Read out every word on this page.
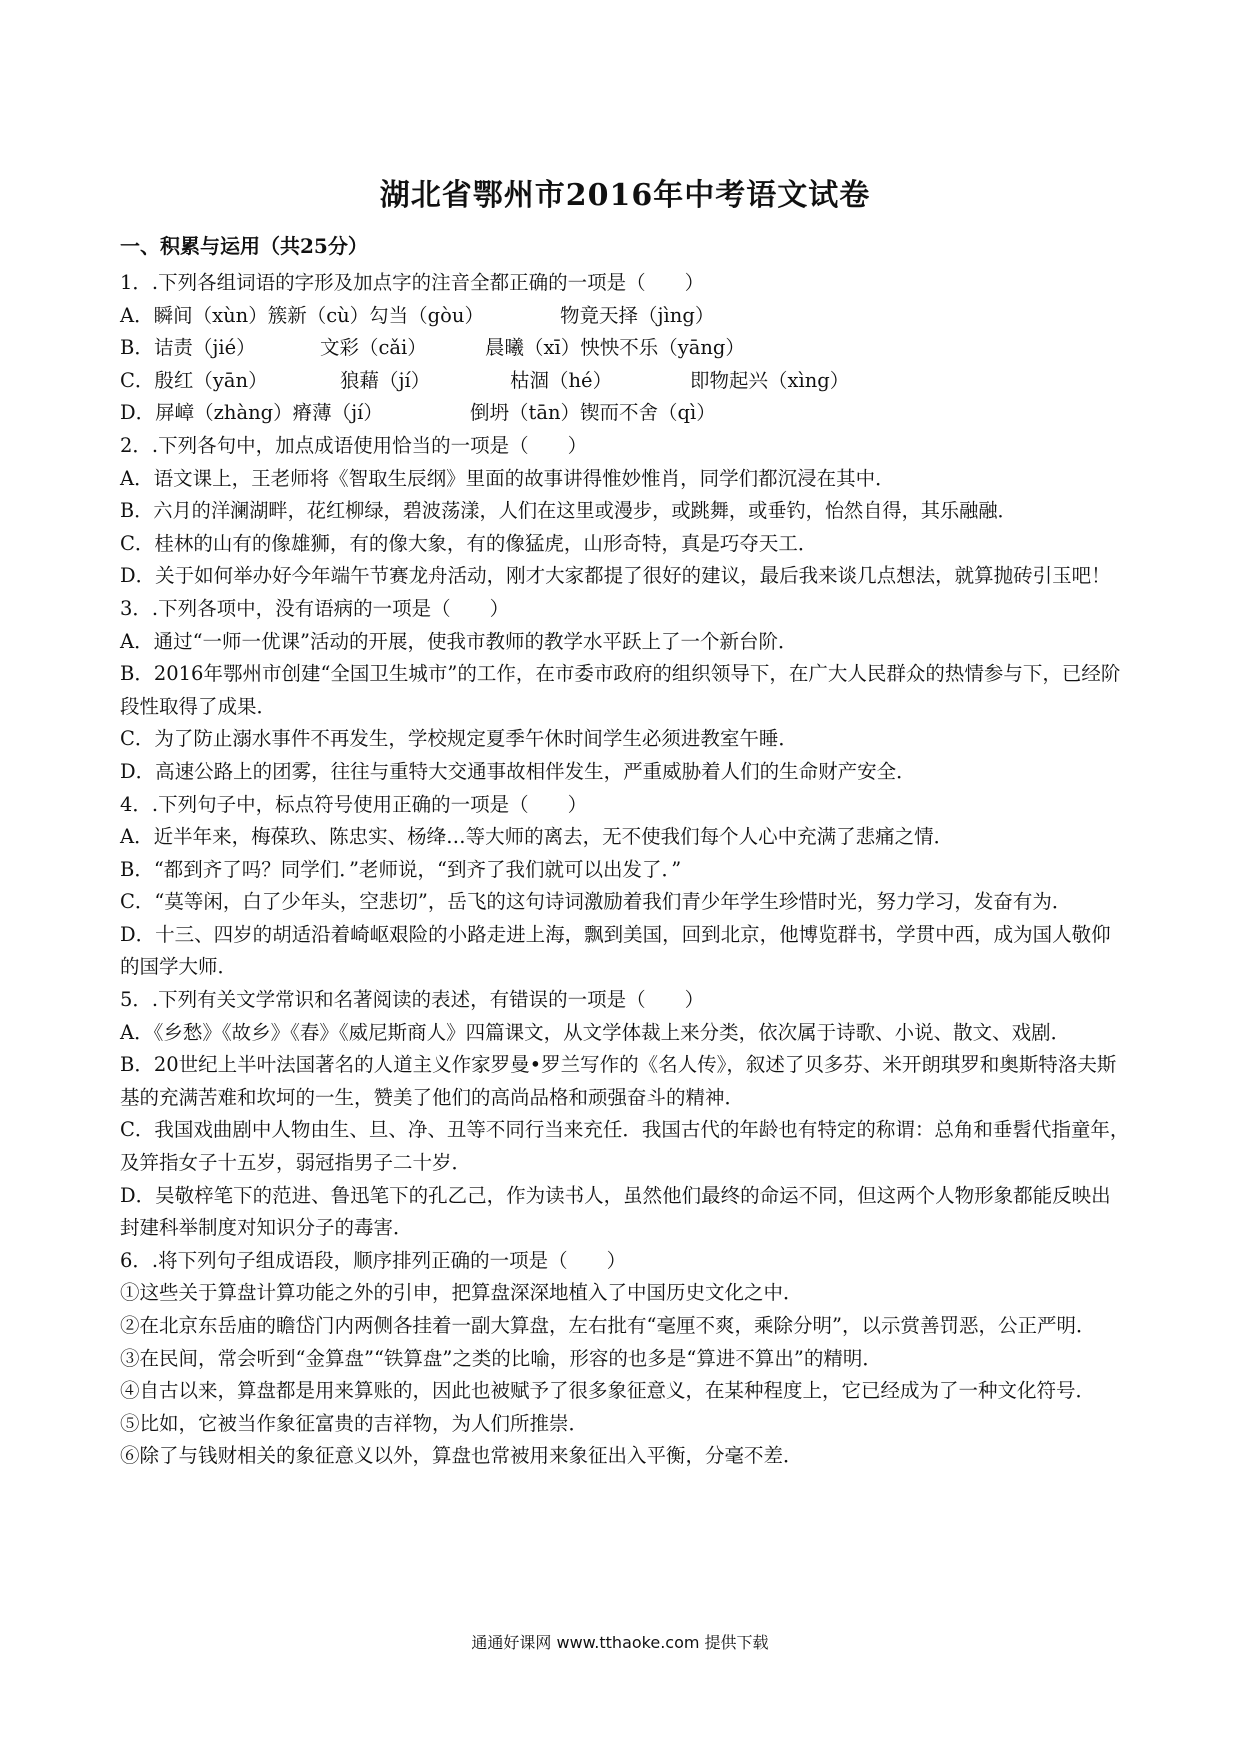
湖北省鄂州市2016年中考语文试卷
一、积累与运用（共25分）

1．.下列各组词语的字形及加点字的注音全都正确的一项是（　　）

A．瞬间（xùn）簇新（cù）勾当（gòu）	物竟天择（jìng）

B．诘责（jié）	文彩（cǎi）	晨曦（xī）怏怏不乐（yāng）

C．殷红（yān）	狼藉（jí）	枯涸（hé）	即物起兴（xìng）

D．屏嶂（zhàng）瘠薄（jí）	倒坍（tān）锲而不舍（qì）

2．.下列各句中，加点成语使用恰当的一项是（　　）

A．语文课上，王老师将《智取生辰纲》里面的故事讲得惟妙惟肖，同学们都沉浸在其中．

B．六月的洋澜湖畔，花红柳绿，碧波荡漾，人们在这里或漫步，或跳舞，或垂钓，怡然自得，其乐融融．

C．桂林的山有的像雄狮，有的像大象，有的像猛虎，山形奇特，真是巧夺天工．

D．关于如何举办好今年端午节赛龙舟活动，刚才大家都提了很好的建议，最后我来谈几点想法，就算抛砖引玉吧！

3．.下列各项中，没有语病的一项是（　　）

A．通过“一师一优课”活动的开展，使我市教师的教学水平跃上了一个新台阶．

B．2016年鄂州市创建“全国卫生城市”的工作，在市委市政府的组织领导下，在广大人民群众的热情参与下，已经阶段性取得了成果．

C．为了防止溺水事件不再发生，学校规定夏季午休时间学生必须进教室午睡．

D．高速公路上的团雾，往往与重特大交通事故相伴发生，严重威胁着人们的生命财产安全．

4．.下列句子中，标点符号使用正确的一项是（　　）

A．近半年来，梅葆玖、陈忠实、杨绛…等大师的离去，无不使我们每个人心中充满了悲痛之情．

B．“都到齐了吗？同学们．”老师说，“到齐了我们就可以出发了．”

C．“莫等闲，白了少年头，空悲切”，岳飞的这句诗词激励着我们青少年学生珍惜时光，努力学习，发奋有为．

D．十三、四岁的胡适沿着崎岖艰险的小路走进上海，飘到美国，回到北京，他博览群书，学贯中西，成为国人敬仰的国学大师．

5．.下列有关文学常识和名著阅读的表述，有错误的一项是（　　）

A．《乡愁》《故乡》《春》《威尼斯商人》四篇课文，从文学体裁上来分类，依次属于诗歌、小说、散文、戏剧．

B．20世纪上半叶法国著名的人道主义作家罗曼•罗兰写作的《名人传》，叙述了贝多芬、米开朗琪罗和奥斯特洛夫斯基的充满苦难和坎坷的一生，赞美了他们的高尚品格和顽强奋斗的精神．

C．我国戏曲剧中人物由生、旦、净、丑等不同行当来充任．我国古代的年龄也有特定的称谓：总角和垂髫代指童年，及笄指女子十五岁，弱冠指男子二十岁．

D．吴敬梓笔下的范进、鲁迅笔下的孔乙己，作为读书人，虽然他们最终的命运不同，但这两个人物形象都能反映出封建科举制度对知识分子的毒害．

6．.将下列句子组成语段，顺序排列正确的一项是（　　）

①这些关于算盘计算功能之外的引申，把算盘深深地植入了中国历史文化之中．

②在北京东岳庙的瞻岱门内两侧各挂着一副大算盘，左右批有“毫厘不爽，乘除分明”，以示赏善罚恶，公正严明．

③在民间，常会听到“金算盘”“铁算盘”之类的比喻，形容的也多是“算进不算出”的精明．

④自古以来，算盘都是用来算账的，因此也被赋予了很多象征意义，在某种程度上，它已经成为了一种文化符号．

⑤比如，它被当作象征富贵的吉祥物，为人们所推崇．

⑥除了与钱财相关的象征意义以外，算盘也常被用来象征出入平衡，分毫不差．

通通好课网 www.tthaoke.com 提供下载
